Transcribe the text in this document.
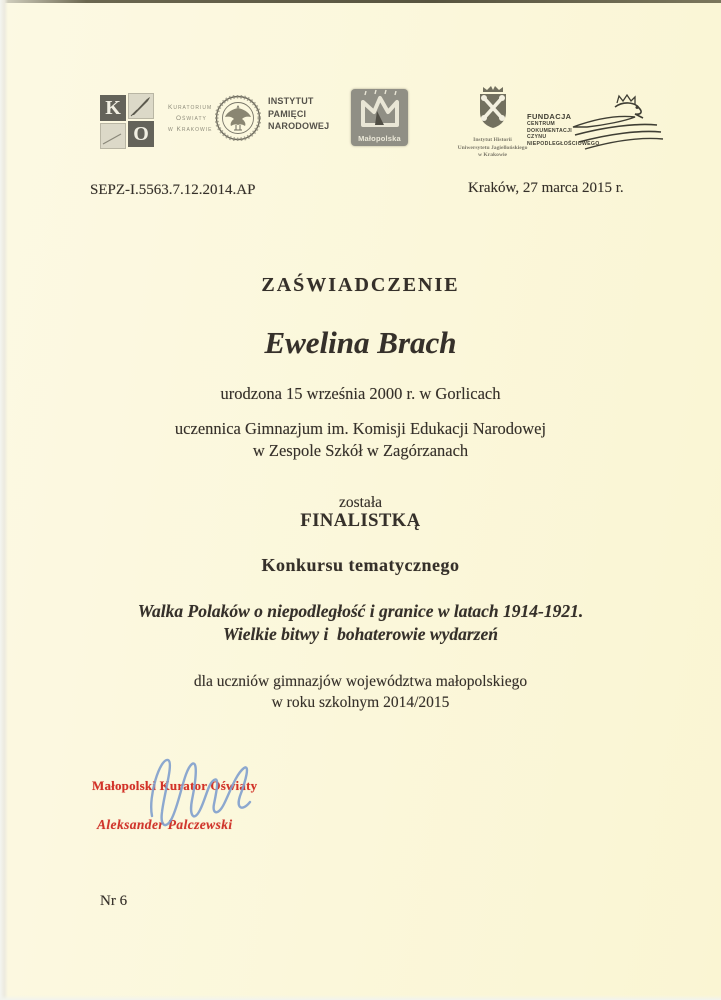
K
O
Kuratorium
Oświaty
w Krakowie
INSTYTUT
PAMIĘCI
NARODOWEJ
Małopolska	Instytut Historii
Uniwersytetu Jagiellońskiego
w Krakowie
FUNDACJA
CENTRUM
DOKUMENTACJI
CZYNU
NIEPODLEGŁOŚCIOWEGO
SEPZ-I.5563.7.12.2014.AP	Kraków, 27 marca 2015 r.
ZAŚWIADCZENIE
Ewelina Brach
urodzona 15 września 2000 r. w Gorlicach
uczennica Gimnazjum im. Komisji Edukacji Narodowej
w Zespole Szkół w Zagórzanach
została
FINALISTKĄ
Konkursu tematycznego
Walka Polaków o niepodległość i granice w latach 1914-1921.
Wielkie bitwy i  bohaterowie wydarzeń
dla uczniów gimnazjów województwa małopolskiego
w roku szkolnym 2014/2015
Małopolski Kurator Oświaty
Aleksander Palczewski
Nr 6
